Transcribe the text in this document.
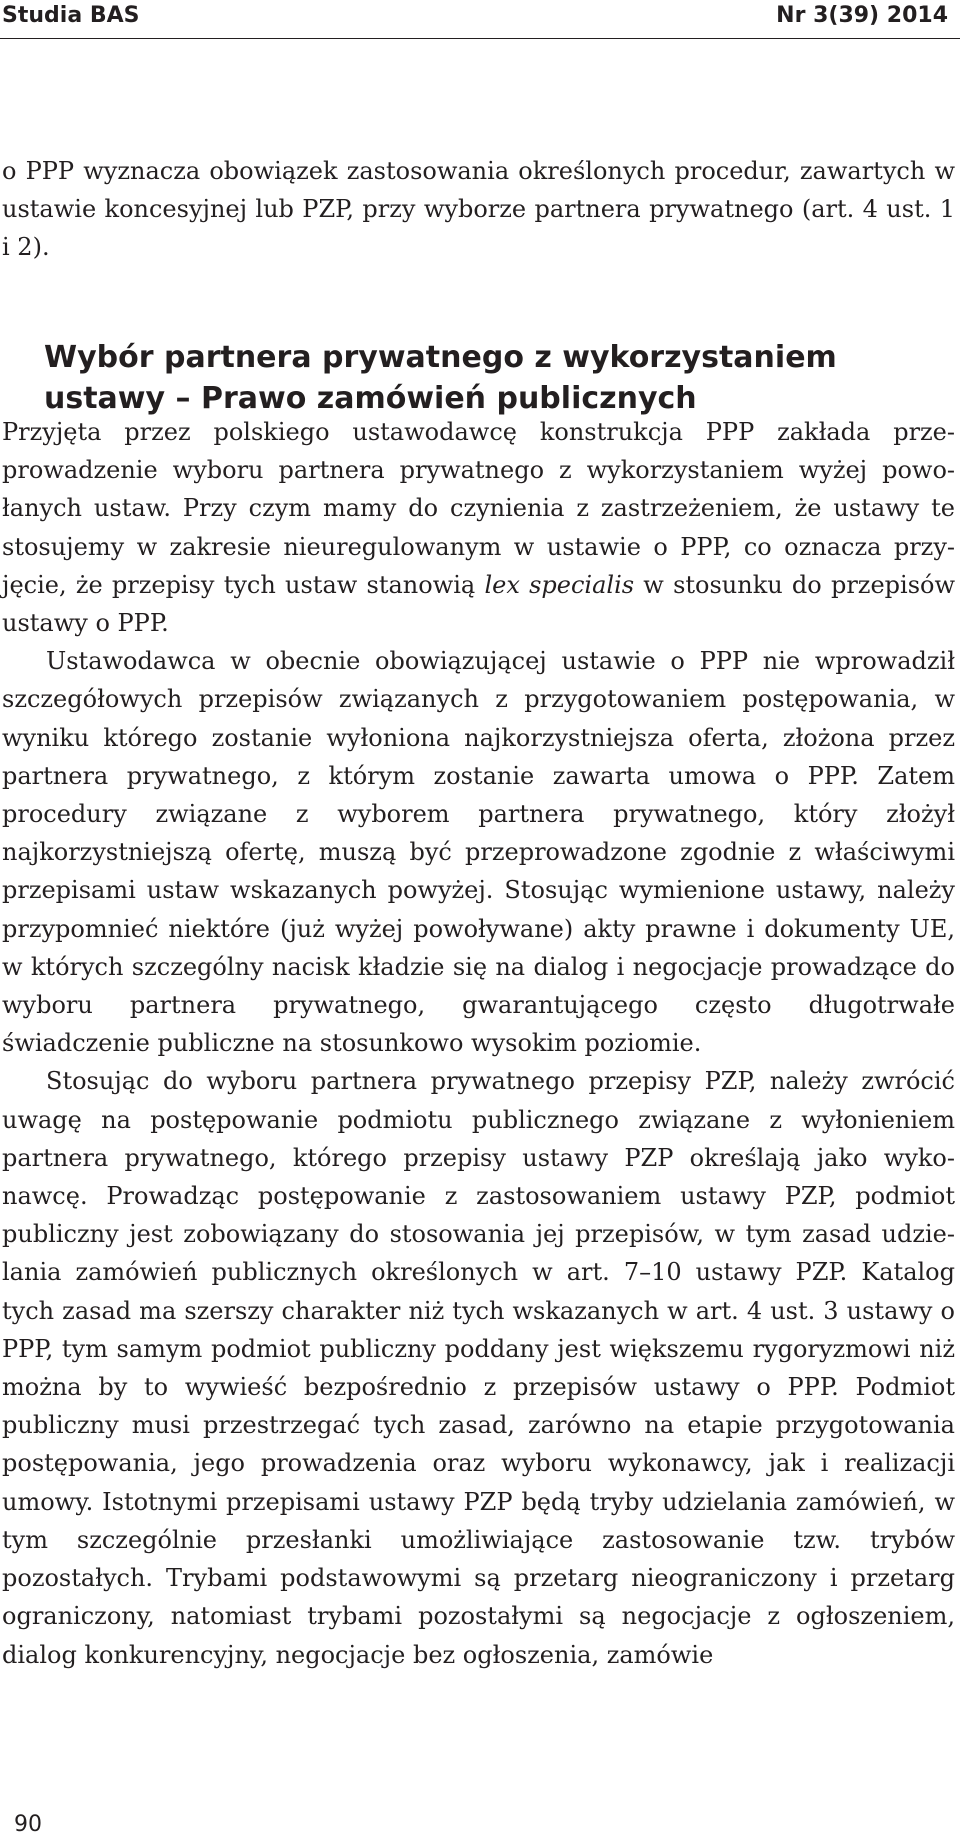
Studia BAS	Nr 3(39) 2014

o PPP wyznacza obowiązek zastosowania określonych procedur, zawartych w ustawie koncesyjnej lub PZP, przy wyborze partnera prywatnego (art. 4 ust. 1 i 2).

Wybór partnera prywatnego z wykorzystaniem ustawy – Prawo zamówień publicznych

Przyjęta przez polskiego ustawodawcę konstrukcja PPP zakłada przeprowadzenie wyboru partnera prywatnego z wykorzystaniem wyżej powołanych ustaw. Przy czym mamy do czynienia z zastrzeżeniem, że ustawy te stosujemy w zakresie nieuregulowanym w ustawie o PPP, co oznacza przyjęcie, że przepisy tych ustaw stanowią lex specialis w stosunku do przepisów ustawy o PPP.

Ustawodawca w obecnie obowiązującej ustawie o PPP nie wprowadził szczegółowych przepisów związanych z przygotowaniem postępowania, w wyniku którego zostanie wyłoniona najkorzystniejsza oferta, złożona przez partnera prywatnego, z którym zostanie zawarta umowa o PPP. Zatem procedury związane z wyborem partnera prywatnego, który złożył najkorzystniejszą ofertę, muszą być przeprowadzone zgodnie z właściwymi przepisami ustaw wskazanych powyżej. Stosując wymienione ustawy, należy przypomnieć niektóre (już wyżej powoływane) akty prawne i dokumenty UE, w których szczególny nacisk kładzie się na dialog i negocjacje prowadzące do wyboru partnera prywatnego, gwarantującego często długotrwałe świadczenie publiczne na stosunkowo wysokim poziomie.

Stosując do wyboru partnera prywatnego przepisy PZP, należy zwrócić uwagę na postępowanie podmiotu publicznego związane z wyłonieniem partnera prywatnego, którego przepisy ustawy PZP określają jako wykonawcę. Prowadząc postępowanie z zastosowaniem ustawy PZP, podmiot publiczny jest zobowiązany do stosowania jej przepisów, w tym zasad udzielania zamówień publicznych określonych w art. 7–10 ustawy PZP. Katalog tych zasad ma szerszy charakter niż tych wskazanych w art. 4 ust. 3 ustawy o PPP, tym samym podmiot publiczny poddany jest większemu rygoryzmowi niż można by to wywieść bezpośrednio z przepisów ustawy o PPP. Podmiot publiczny musi przestrzegać tych zasad, zarówno na etapie przygotowania postępowania, jego prowadzenia oraz wyboru wykonawcy, jak i realizacji umowy. Istotnymi przepisami ustawy PZP będą tryby udzielania zamówień, w tym szczególnie przesłanki umożliwiające zastosowanie tzw. trybów pozostałych. Trybami podstawowymi są przetarg nieograniczony i przetarg ograniczony, natomiast trybami pozostałymi są negocjacje z ogłoszeniem, dialog konkurencyjny, negocjacje bez ogłoszenia, zamówie

90
